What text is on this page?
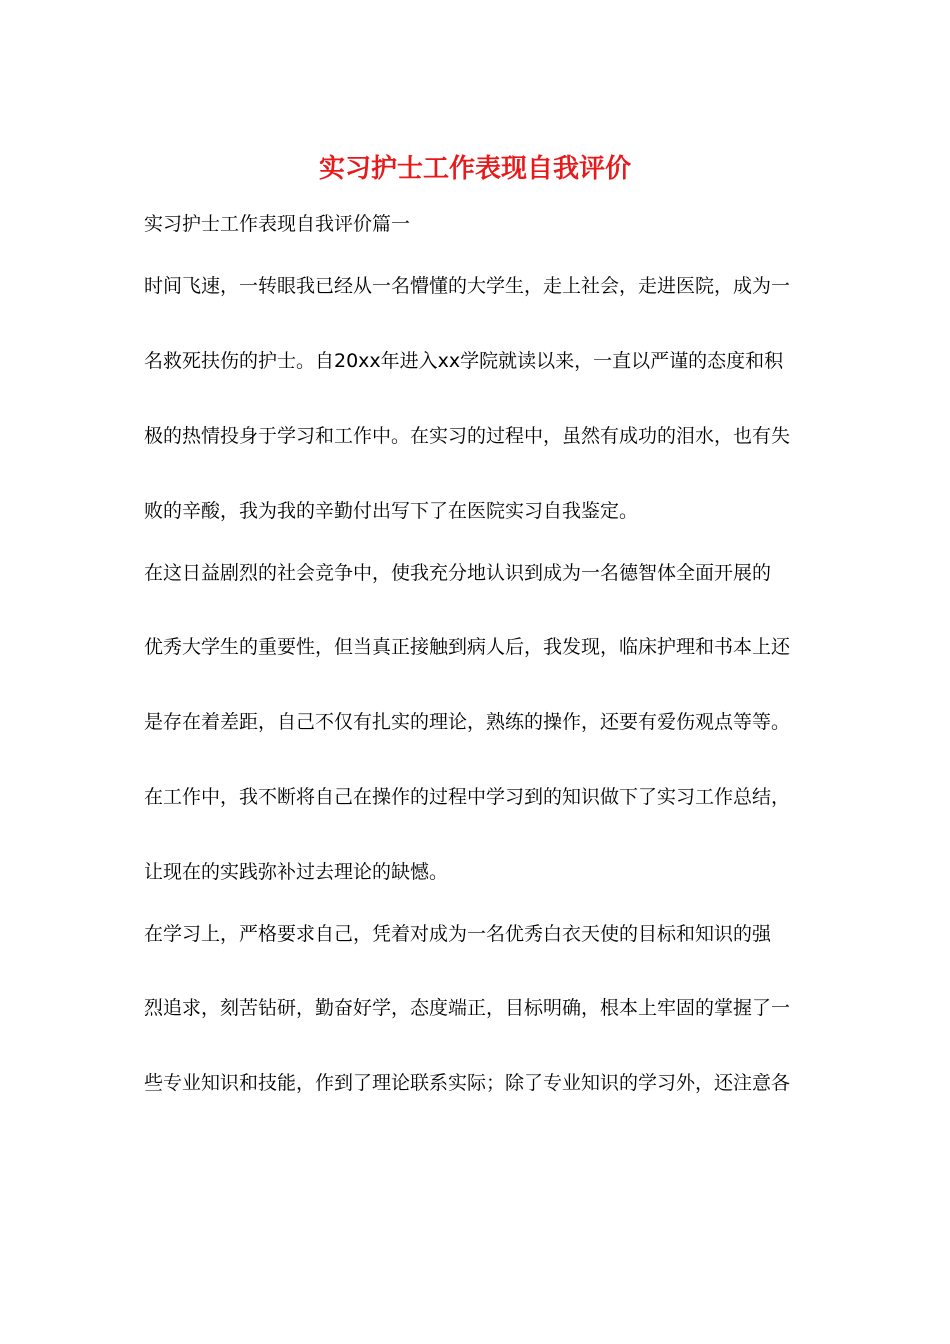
实习护士工作表现自我评价
实习护士工作表现自我评价篇一
时间飞速，一转眼我已经从一名懵懂的大学生，走上社会，走进医院，成为一
名救死扶伤的护士。自20xx年进入xx学院就读以来，一直以严谨的态度和积
极的热情投身于学习和工作中。在实习的过程中，虽然有成功的泪水，也有失
败的辛酸，我为我的辛勤付出写下了在医院实习自我鉴定。
在这日益剧烈的社会竞争中，使我充分地认识到成为一名德智体全面开展的
优秀大学生的重要性，但当真正接触到病人后，我发现，临床护理和书本上还
是存在着差距，自己不仅有扎实的理论，熟练的操作，还要有爱伤观点等等。
在工作中，我不断将自己在操作的过程中学习到的知识做下了实习工作总结，
让现在的实践弥补过去理论的缺憾。
在学习上，严格要求自己，凭着对成为一名优秀白衣天使的目标和知识的强
烈追求，刻苦钻研，勤奋好学，态度端正，目标明确，根本上牢固的掌握了一
些专业知识和技能，作到了理论联系实际；除了专业知识的学习外，还注意各
